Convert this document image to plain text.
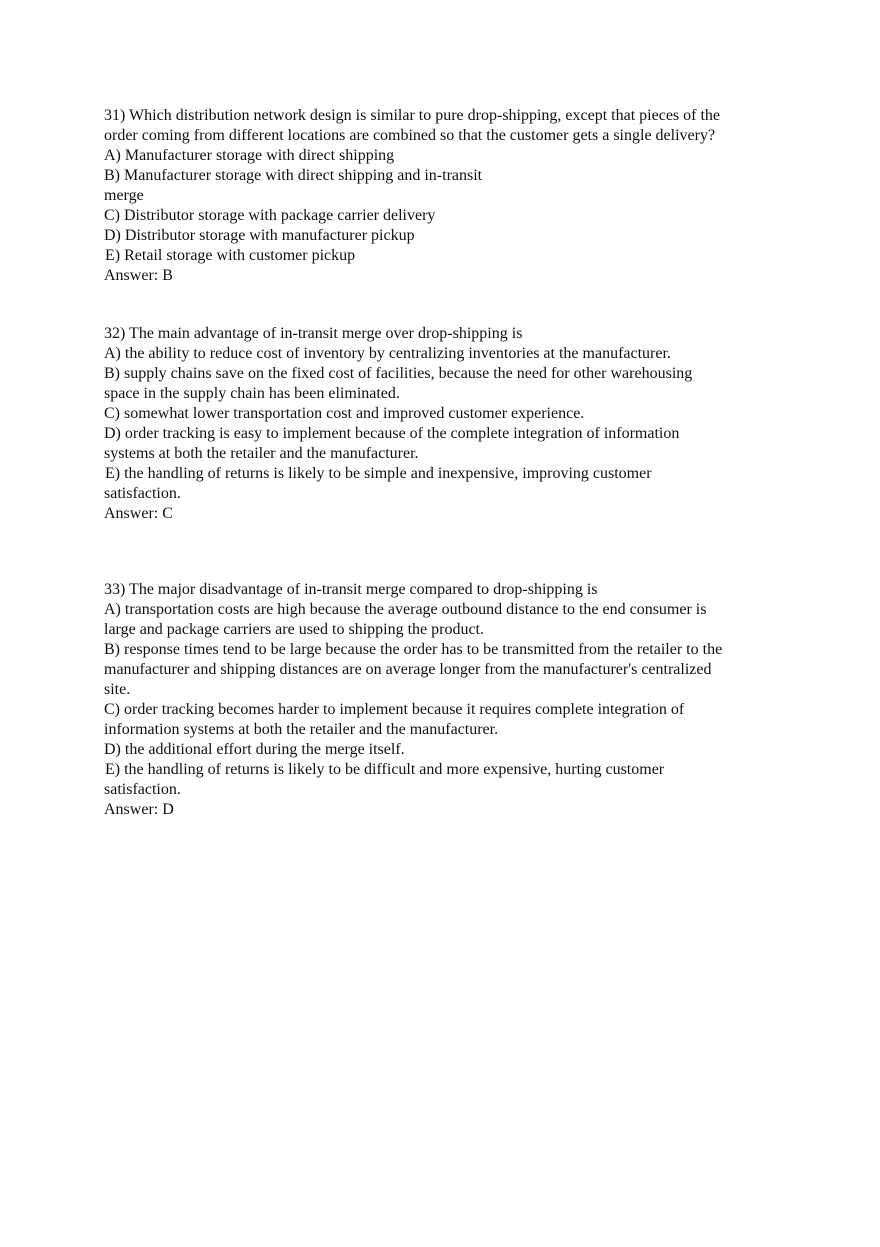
31) Which distribution network design is similar to pure drop-shipping, except that pieces of the
order coming from different locations are combined so that the customer gets a single delivery?
A) Manufacturer storage with direct shipping
B) Manufacturer storage with direct shipping and in-transit
merge
C) Distributor storage with package carrier delivery
D) Distributor storage with manufacturer pickup
E) Retail storage with customer pickup
Answer: B
32) The main advantage of in-transit merge over drop-shipping is
A) the ability to reduce cost of inventory by centralizing inventories at the manufacturer.
B) supply chains save on the fixed cost of facilities, because the need for other warehousing
space in the supply chain has been eliminated.
C) somewhat lower transportation cost and improved customer experience.
D) order tracking is easy to implement because of the complete integration of information
systems at both the retailer and the manufacturer.
E) the handling of returns is likely to be simple and inexpensive, improving customer
satisfaction.
Answer: C
33) The major disadvantage of in-transit merge compared to drop-shipping is
A) transportation costs are high because the average outbound distance to the end consumer is
large and package carriers are used to shipping the product.
B) response times tend to be large because the order has to be transmitted from the retailer to the
manufacturer and shipping distances are on average longer from the manufacturer's centralized
site.
C) order tracking becomes harder to implement because it requires complete integration of
information systems at both the retailer and the manufacturer.
D) the additional effort during the merge itself.
E) the handling of returns is likely to be difficult and more expensive, hurting customer
satisfaction.
Answer: D
